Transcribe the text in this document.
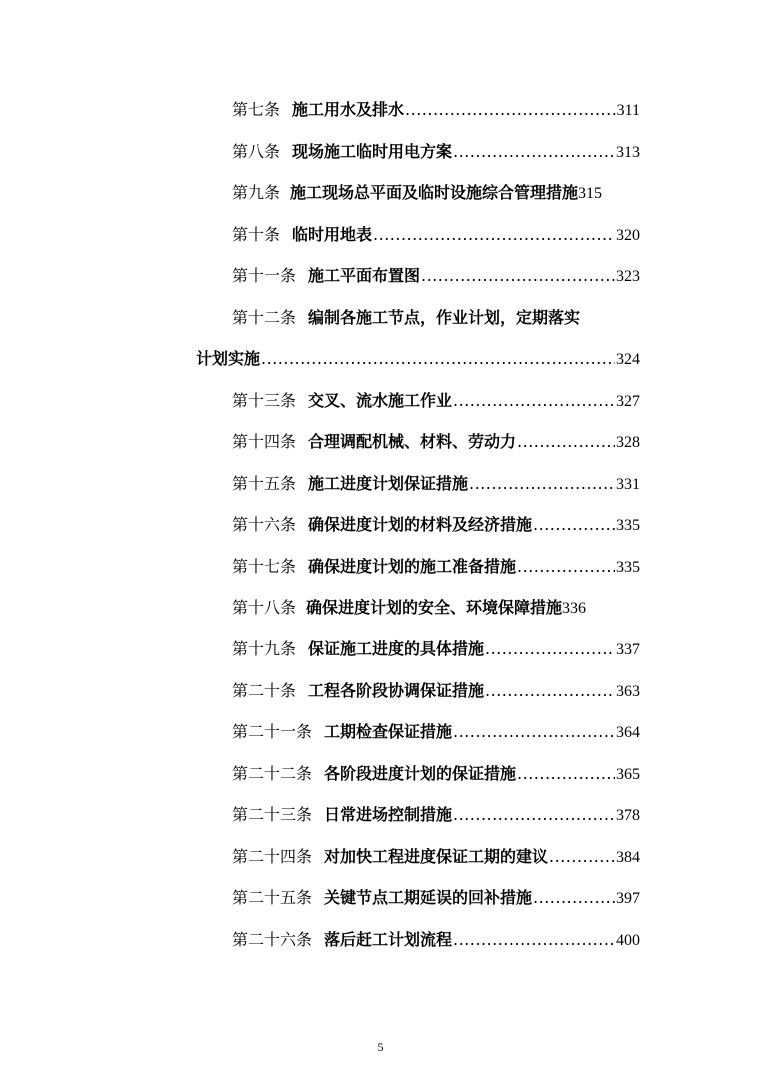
第七条 施工用水及排水 .....	311
第八条 现场施工临时用电方案 .....	313
第九条 施工现场总平面及临时设施综合管理措施 315
第十条 临时用地表 .....	320
第十一条 施工平面布置图 .....	323
第十二条 编制各施工节点，作业计划，定期落实
计划实施 .....	324
第十三条 交叉、流水施工作业 .....	327
第十四条 合理调配机械、材料、劳动力 .....	328
第十五条 施工进度计划保证措施 .....	331
第十六条 确保进度计划的材料及经济措施 .....	335
第十七条 确保进度计划的施工准备措施 .....	335
第十八条 确保进度计划的安全、环境保障措施 336
第十九条 保证施工进度的具体措施 .....	337
第二十条 工程各阶段协调保证措施 .....	363
第二十一条 工期检查保证措施 .....	364
第二十二条 各阶段进度计划的保证措施 .....	365
第二十三条 日常进场控制措施 .....	378
第二十四条 对加快工程进度保证工期的建议 .....	384
第二十五条 关键节点工期延误的回补措施 .....	397
第二十六条 落后赶工计划流程 .....	400
5
